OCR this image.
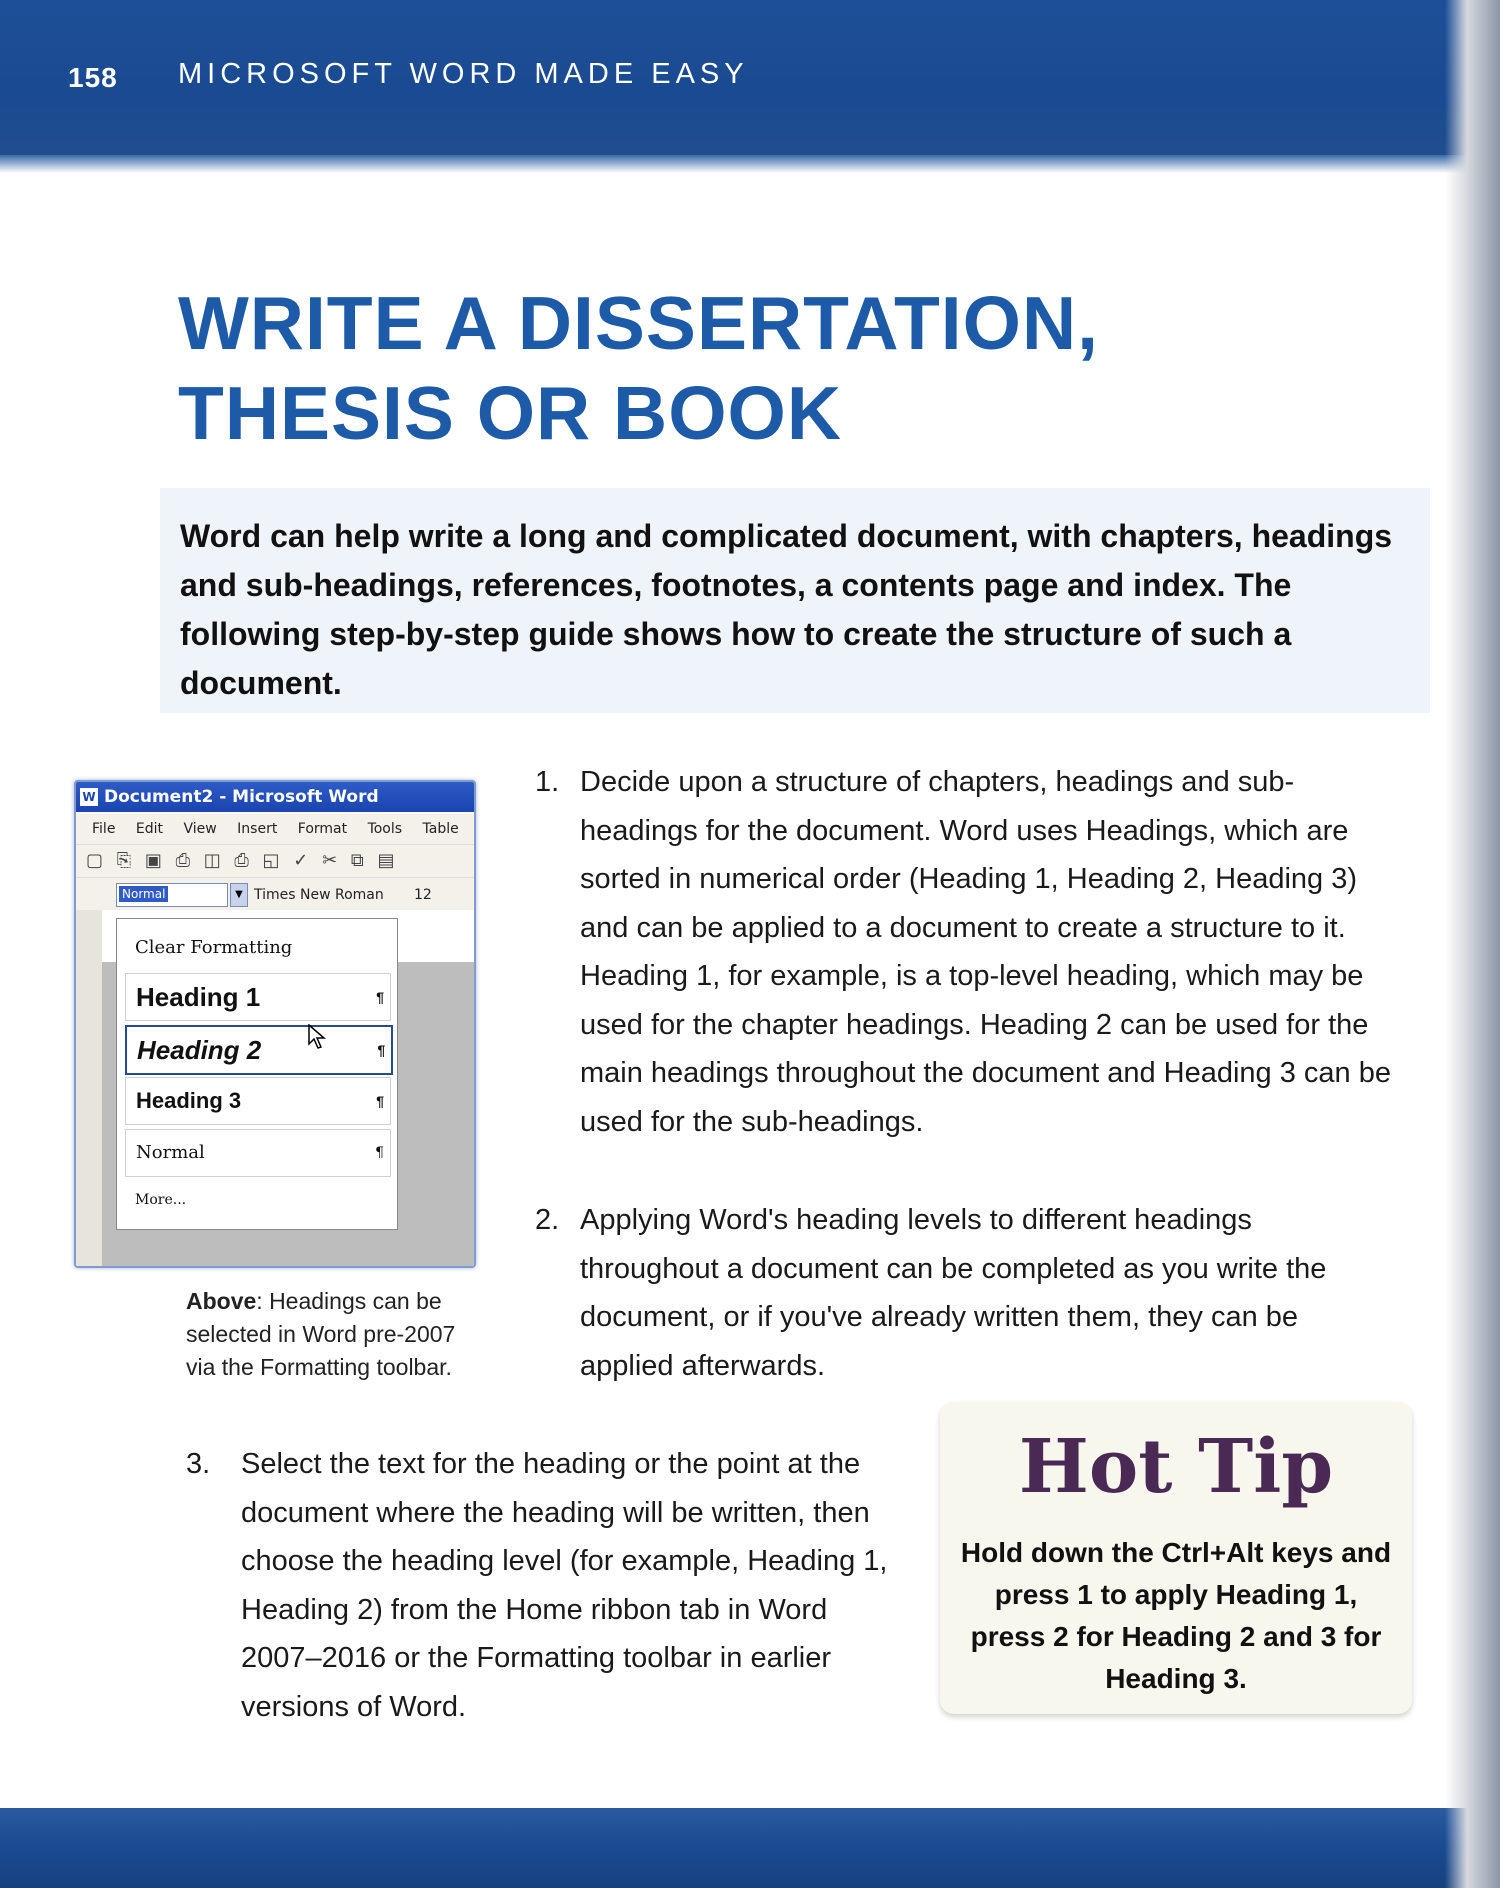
158 MICROSOFT WORD MADE EASY
WRITE A DISSERTATION, THESIS OR BOOK
Word can help write a long and complicated document, with chapters, headings and sub-headings, references, footnotes, a contents page and index. The following step-by-step guide shows how to create the structure of such a document.
W Document2 - Microsoft Word
File Edit View Insert Format Tools Table
▢ ⎘ ▣ ⎙ ◫ ⎙ ◱ ✓ ✂ ⧉ ▤
Normal	▼ Times New Roman 12
Clear Formatting
Heading 1	¶
Heading 2	¶
Heading 3	¶
Normal	¶
More...
Above: Headings can be selected in Word pre-2007 via the Formatting toolbar.
1. Decide upon a structure of chapters, headings and sub-headings for the document. Word uses Headings, which are sorted in numerical order (Heading 1, Heading 2, Heading 3) and can be applied to a document to create a structure to it. Heading 1, for example, is a top-level heading, which may be used for the chapter headings. Heading 2 can be used for the main headings throughout the document and Heading 3 can be used for the sub-headings.
2. Applying Word's heading levels to different headings throughout a document can be completed as you write the document, or if you've already written them, they can be applied afterwards.
3. Select the text for the heading or the point at the document where the heading will be written, then choose the heading level (for example, Heading 1, Heading 2) from the Home ribbon tab in Word 2007–2016 or the Formatting toolbar in earlier versions of Word.
Hot Tip
Hold down the Ctrl+Alt keys and press 1 to apply Heading 1, press 2 for Heading 2 and 3 for Heading 3.
